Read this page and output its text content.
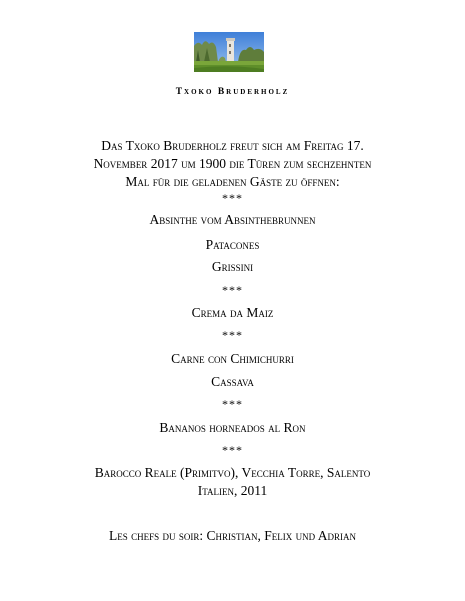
Txoko Bruderholz
Das Txoko Bruderholz freut sich am Freitag 17.
November 2017 um 1900 die Türen zum sechzehnten
Mal für die geladenen Gäste zu öffnen:
***
Absinthe vom Absinthebrunnen
Patacones
Grissini
***
Crema da Maiz
***
Carne con Chimichurri
Cassava
***
Bananos horneados al Ron
***
Barocco Reale (Primitvo), Vecchia Torre, Salento
Italien, 2011
Les chefs du soir: Christian, Felix und Adrian
